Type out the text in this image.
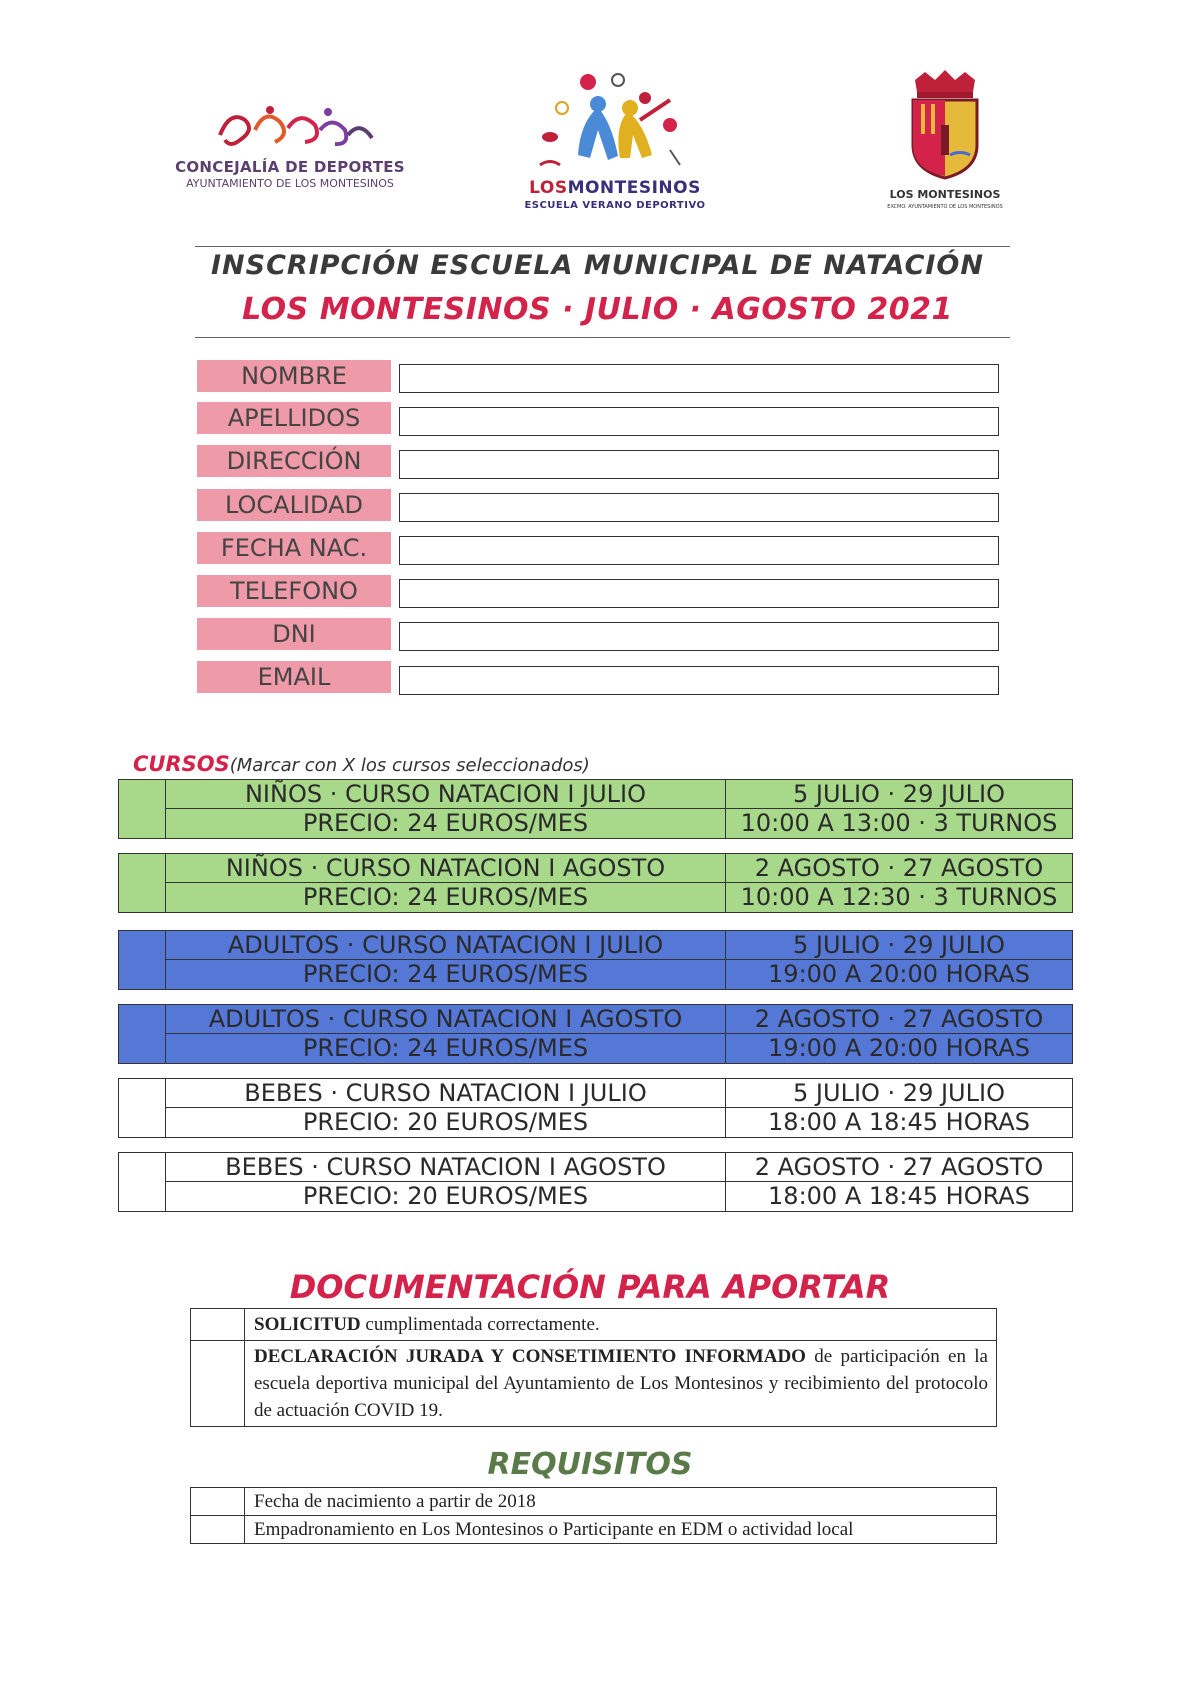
CONCEJALÍA DE DEPORTES
AYUNTAMIENTO DE LOS MONTESINOS	LOSMONTESINOS
ESCUELA VERANO DEPORTIVO
LOS MONTESINOS
EXCMO. AYUNTAMIENTO DE LOS MONTESINOS
INSCRIPCIÓN ESCUELA MUNICIPAL DE NATACIÓN
LOS MONTESINOS · JULIO · AGOSTO 2021
NOMBRE
APELLIDOS
DIRECCIÓN
LOCALIDAD
FECHA NAC.
TELEFONO
DNI
EMAIL
CURSOS(Marcar con X los cursos seleccionados)
NIÑOS · CURSO NATACION I JULIO
PRECIO: 24 EUROS/MES
5 JULIO · 29 JULIO
10:00 A 13:00 · 3 TURNOS
NIÑOS · CURSO NATACION I AGOSTO
PRECIO: 24 EUROS/MES
2 AGOSTO · 27 AGOSTO
10:00 A 12:30 · 3 TURNOS
ADULTOS · CURSO NATACION I JULIO
PRECIO: 24 EUROS/MES
5 JULIO · 29 JULIO
19:00 A 20:00 HORAS
ADULTOS · CURSO NATACION I AGOSTO
PRECIO: 24 EUROS/MES
2 AGOSTO · 27 AGOSTO
19:00 A 20:00 HORAS
BEBES · CURSO NATACION I JULIO
PRECIO: 20 EUROS/MES
5 JULIO · 29 JULIO
18:00 A 18:45 HORAS
BEBES · CURSO NATACION I AGOSTO
PRECIO: 20 EUROS/MES
2 AGOSTO · 27 AGOSTO
18:00 A 18:45 HORAS
DOCUMENTACIÓN PARA APORTAR
SOLICITUD cumplimentada correctamente.
DECLARACIÓN JURADA Y CONSETIMIENTO INFORMADO de participación en la escuela deportiva municipal del Ayuntamiento de Los Montesinos y recibimiento del protocolo de actuación COVID 19.
REQUISITOS
Fecha de nacimiento a partir de 2018
Empadronamiento en Los Montesinos o Participante en EDM o actividad local
